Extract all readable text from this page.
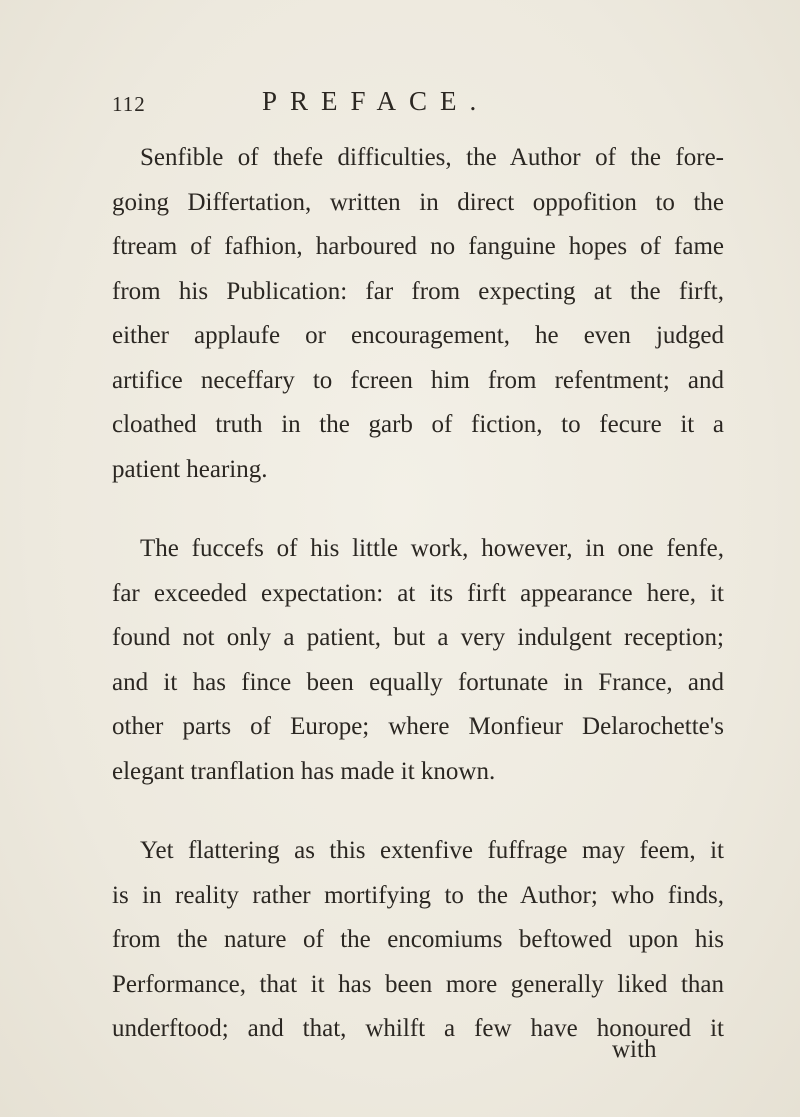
112	PREFACE.

Senfible of thefe difficulties, the Author of the fore-
going Differtation, written in direct oppofition to the
ftream of fafhion, harboured no fanguine hopes of fame
from his Publication: far from expecting at the firft,
either applaufe or encouragement, he even judged
artifice neceffary to fcreen him from refentment; and
cloathed truth in the garb of fiction, to fecure it a
patient hearing.

The fuccefs of his little work, however, in one fenfe,
far exceeded expectation: at its firft appearance here, it
found not only a patient, but a very indulgent reception;
and it has fince been equally fortunate in France, and
other parts of Europe; where Monfieur Delarochette's
elegant tranflation has made it known.

Yet flattering as this extenfive fuffrage may feem, it
is in reality rather mortifying to the Author; who finds,
from the nature of the encomiums beftowed upon his
Performance, that it has been more generally liked than
underftood; and that, whilft a few have honoured it

with
